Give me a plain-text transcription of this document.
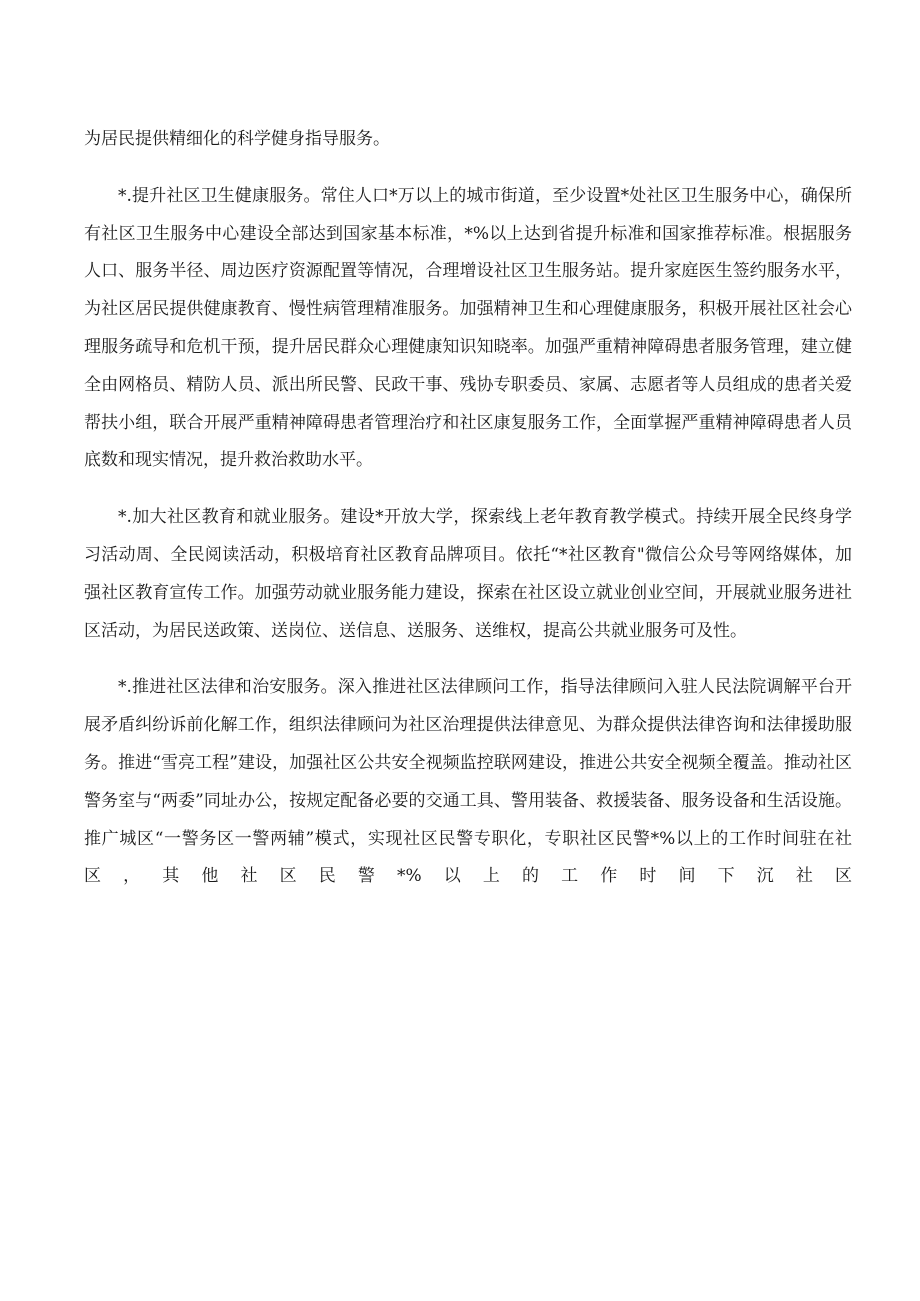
为居民提供精细化的科学健身指导服务。

*.提升社区卫生健康服务。常住人口*万以上的城市街道，至少设置*处社区卫生服务中心，确保所有社区卫生服务中心建设全部达到国家基本标准，*%以上达到省提升标准和国家推荐标准。根据服务人口、服务半径、周边医疗资源配置等情况，合理增设社区卫生服务站。提升家庭医生签约服务水平，为社区居民提供健康教育、慢性病管理精准服务。加强精神卫生和心理健康服务，积极开展社区社会心理服务疏导和危机干预，提升居民群众心理健康知识知晓率。加强严重精神障碍患者服务管理，建立健全由网格员、精防人员、派出所民警、民政干事、残协专职委员、家属、志愿者等人员组成的患者关爱帮扶小组，联合开展严重精神障碍患者管理治疗和社区康复服务工作，全面掌握严重精神障碍患者人员底数和现实情况，提升救治救助水平。

*.加大社区教育和就业服务。建设*开放大学，探索线上老年教育教学模式。持续开展全民终身学习活动周、全民阅读活动，积极培育社区教育品牌项目。依托“*社区教育"微信公众号等网络媒体，加强社区教育宣传工作。加强劳动就业服务能力建设，探索在社区设立就业创业空间，开展就业服务进社区活动，为居民送政策、送岗位、送信息、送服务、送维权，提高公共就业服务可及性。

*.推进社区法律和治安服务。深入推进社区法律顾问工作，指导法律顾问入驻人民法院调解平台开展矛盾纠纷诉前化解工作，组织法律顾问为社区治理提供法律意见、为群众提供法律咨询和法律援助服务。推进“雪亮工程”建设，加强社区公共安全视频监控联网建设，推进公共安全视频全覆盖。推动社区警务室与“两委”同址办公，按规定配备必要的交通工具、警用装备、救援装备、服务设备和生活设施。推广城区“一警务区一警两辅”模式，实现社区民警专职化，专职社区民警*%以上的工作时间驻在社区，其他社区民警*%以上的工作时间下沉社区
